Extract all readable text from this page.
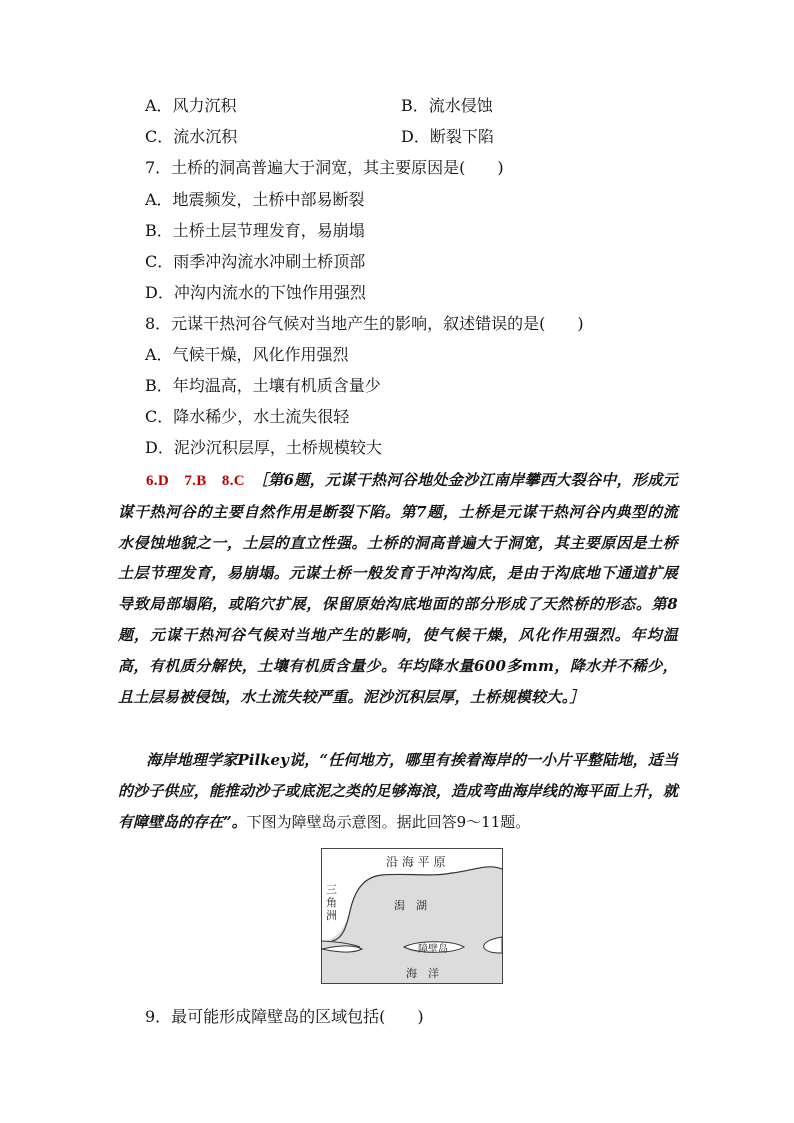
A．风力沉积	B．流水侵蚀
C．流水沉积	D．断裂下陷
7．土桥的洞高普遍大于洞宽，其主要原因是(　　)
A．地震频发，土桥中部易断裂
B．土桥土层节理发育，易崩塌
C．雨季冲沟流水冲刷土桥顶部
D．冲沟内流水的下蚀作用强烈
8．元谋干热河谷气候对当地产生的影响，叙述错误的是(　　)
A．气候干燥，风化作用强烈
B．年均温高，土壤有机质含量少
C．降水稀少，水土流失很轻
D．泥沙沉积层厚，土桥规模较大
6.D　7.B　8.C　 ［第6题，元谋干热河谷地处金沙江南岸攀西大裂谷中，形成元谋干热河谷的主要自然作用是断裂下陷。第7题，土桥是元谋干热河谷内典型的流水侵蚀地貌之一，土层的直立性强。土桥的洞高普遍大于洞宽，其主要原因是土桥土层节理发育，易崩塌。元谋土桥一般发育于冲沟沟底，是由于沟底地下通道扩展导致局部塌陷，或陷穴扩展，保留原始沟底地面的部分形成了天然桥的形态。第8题，元谋干热河谷气候对当地产生的影响，使气候干燥，风化作用强烈。年均温高，有机质分解快，土壤有机质含量少。年均降水量600多mm，降水并不稀少，且土层易被侵蚀，水土流失较严重。泥沙沉积层厚，土桥规模较大。］
海岸地理学家Pilkey说，“任何地方，哪里有挨着海岸的一小片平整陆地，适当的沙子供应，能推动沙子或底泥之类的足够海浪，造成弯曲海岸线的海平面上升，就有障壁岛的存在”。下图为障壁岛示意图。据此回答9～11题。
沿 海 平 原
三角洲
潟　湖
障壁岛
海　洋
9．最可能形成障壁岛的区域包括(　　)
